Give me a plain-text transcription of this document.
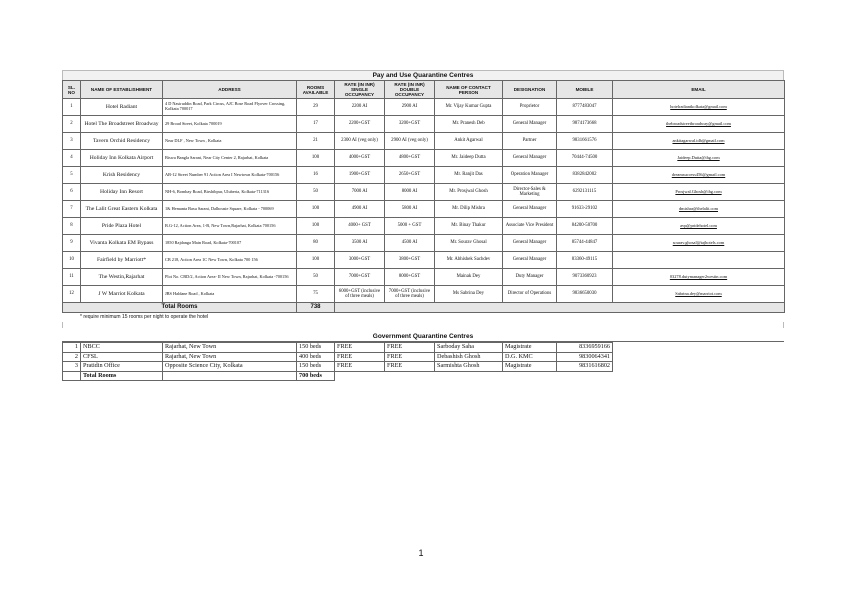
Pay and Use Quarantine Centres
SL. NO	NAME OF ESTABLISHMENT	ADDRESS	ROOMS AVAILABLE	RATE (IN INR) SINGLE OCCUPANCY	RATE (IN INR) DOUBLE OCCUPANCY	NAME OF CONTACT PERSON	DESIGNATION	MOBILE	EMAIL
1	Hotel Radiant	4 D Nasiruddin Road, Park Circus, AJC Bose Road Flyover Crossing, Kolkata 700017	29	2200 AI	2900 AI	Mr. Vijay Kumar Gupta	Proprietor	8777483047	hotelradiantkolkata@gmail.com
2	Hotel The Broadstreet Broadway	29 Broad Street, Kolkata 700019	17	2200+GST	3200+GST	Mr. Pranesh Deb	General Manager	9874173668	thebroadstreetbroadway@gmail.com
3	Tavern Orchid Residency	Near DLF , New Town , Kolkata	21	2300 AI (veg only)	2900 AI (veg only)	Ankit Agarwal	Partner	9831661576	ankitagarwal.idh@gmail.com
4	Holiday Inn Kolkata Airport	Biswa Bangla Sarani, Near City Center 2, Rajarhat, Kolkata	100	4000+GST	4800+GST	Mr. Jaideep Dutta	General Manager	70444-74500	Jaideep.Dutta@ihg.com
5	Krish Residency	AB-12 Street Number 91 Action Area I Newtown Kolkata-700156	16	1900+GST	2650+GST	Mr. Ranjit Das	Operation Manager	8382842002	dreamsuccess456@gmail.com
6	Holiday Inn Resort	NH-6, Bombay Road, Birshibpur, Uluberia, Kolkata-711316	50	7000 AI	8000 AI	Mr. Prosjwal Ghosh	Director-Sales & Marketing	6292131115	Prosjwal.Ghosh@ihg.com
7	The Lalit Great Eastern Kolkata	1& Hemanta Basu Sarani, Dalhousie Square, Kolkata - 700069	100	4900 AI	5800 AI	Mr. Dilip Mishra	General Manager	91633-29102	dmishra@thelalit.com
8	Pride Plaza Hotel	B.G-12, Action Area, 1-B, New Town,Rajarhat, Kolkata 700156	100	4000+ GST	5000 + GST	Mr. Binay Thakur	Associate Vice President	84200-50700	avp@pridehotel.com
9	Vivanta Kolkata EM Bypass	1850 Rajdanga Main Road, Kolkata-700107	80	3500 AI	4500 AI	Mr. Sourav Ghosal	General Manager	85744-44847	sourav.ghosal@tajhotels.com
10	Fairfield by Marriott*	CB 218, Action Area 1C New Town, Kolkata 700 156	100	3000+GST	3800+GST	Mr. Abhishek Sachdev	General Manager	83360-49115	
11	The Westin,Rajarhat	Plot No. CBD/2, Action Area- II New Town, Rajarhat, Kolkata -700156	50	7000+GST	8000+GST	Mainak Dey	Duty Manager	9073360923	03278.dutymanager2westin.com
12	J W Marriot Kolkata	JBS Haldane Road , Kolkata	75	6000+GST (inclusive of three meals)	7000+GST (inclusive of three meals)	Ms Sabrina Dey	Director of Operations	9836650030	Sabrina.dey@marriot.com
Total Rooms			738						
* require minimum 15 rooms per night to operate the hotel
Government Quarantine Centres
1	NBCC	Rajarhat, New Town	150 beds	FREE	FREE	Sarboday Saha	Magistrate	8336959166	
2	CFSL	Rajarhat, New Town	400 beds	FREE	FREE	Debashish Ghosh	D.G. KMC	9830064341	
3	Pratidin Office	Opposite Science City, Kolkata	150 beds	FREE	FREE	Sarmishta Ghosh	Magistrate	9831616802	
	Total Rooms		700 beds						
1
